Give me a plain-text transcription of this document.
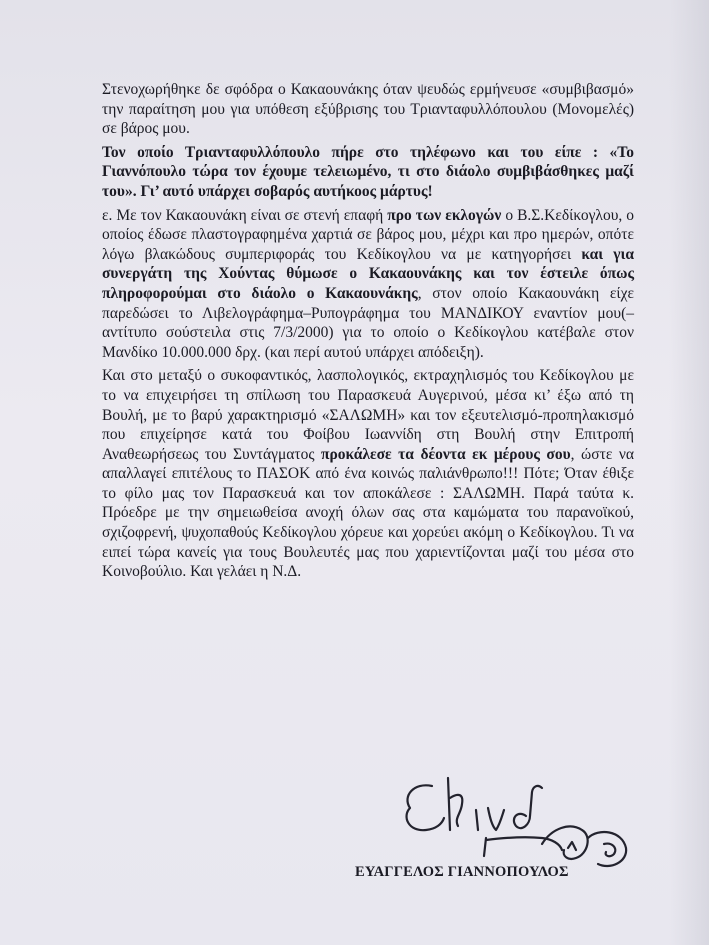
Στενοχωρήθηκε δε σφόδρα ο Κακαουνάκης όταν ψευδώς ερμήνευσε «συμβιβασμό» την παραίτηση μου για υπόθεση εξύβρισης του Τριανταφυλλόπουλου (Μονομελές) σε βάρος μου.

Τον οποίο Τριανταφυλλόπουλο πήρε στο τηλέφωνο και του είπε : «Το Γιαννόπουλο τώρα τον έχουμε τελειωμένο, τι στο διάολο συμβιβάσθηκες μαζί του». Γι’ αυτό υπάρχει σοβαρός αυτήκοος μάρτυς!

ε. Με τον Κακαουνάκη είναι σε στενή επαφή προ των εκλογών ο Β.Σ.Κεδίκογλου, ο οποίος έδωσε πλαστογραφημένα χαρτιά σε βάρος μου, μέχρι και προ ημερών, οπότε λόγω βλακώδους συμπεριφοράς του Κεδίκογλου να με κατηγορήσει και για συνεργάτη της Χούντας θύμωσε ο Κακαουνάκης και τον έστειλε όπως πληροφορούμαι στο διάολο ο Κακαουνάκης, στον οποίο Κακαουνάκη είχε παρεδώσει το Λιβελογράφημα–Ρυπογράφημα του ΜΑΝΔΙΚΟΥ εναντίον μου(–αντίτυπο σούστειλα στις 7/3/2000) για το οποίο ο Κεδίκογλου κατέβαλε στον Μανδίκο 10.000.000 δρχ. (και περί αυτού υπάρχει απόδειξη).

Και στο μεταξύ ο συκοφαντικός, λασπολογικός, εκτραχηλισμός του Κεδίκογλου με το να επιχειρήσει τη σπίλωση του Παρασκευά Αυγερινού, μέσα κι’ έξω από τη Βουλή, με το βαρύ χαρακτηρισμό «ΣΑΛΩΜΗ» και τον εξευτελισμό-προπηλακισμό που επιχείρησε κατά του Φοίβου Ιωαννίδη στη Βουλή στην Επιτροπή Αναθεωρήσεως του Συντάγματος προκάλεσε τα δέοντα εκ μέρους σου, ώστε να απαλλαγεί επιτέλους το ΠΑΣΟΚ από ένα κοινώς παλιάνθρωπο!!! Πότε; Όταν έθιξε το φίλο μας τον Παρασκευά και τον αποκάλεσε : ΣΑΛΩΜΗ. Παρά ταύτα κ. Πρόεδρε με την σημειωθείσα ανοχή όλων σας στα καμώματα του παρανοϊκού, σχιζοφρενή, ψυχοπαθούς Κεδίκογλου χόρευε και χορεύει ακόμη ο Κεδίκογλου. Τι να ειπεί τώρα κανείς για τους Βουλευτές μας που χαριεντίζονται μαζί του μέσα στο Κοινοβούλιο. Και γελάει η Ν.Δ.

ΕΥΑΓΓΕΛΟΣ ΓΙΑΝΝΟΠΟΥΛΟΣ
